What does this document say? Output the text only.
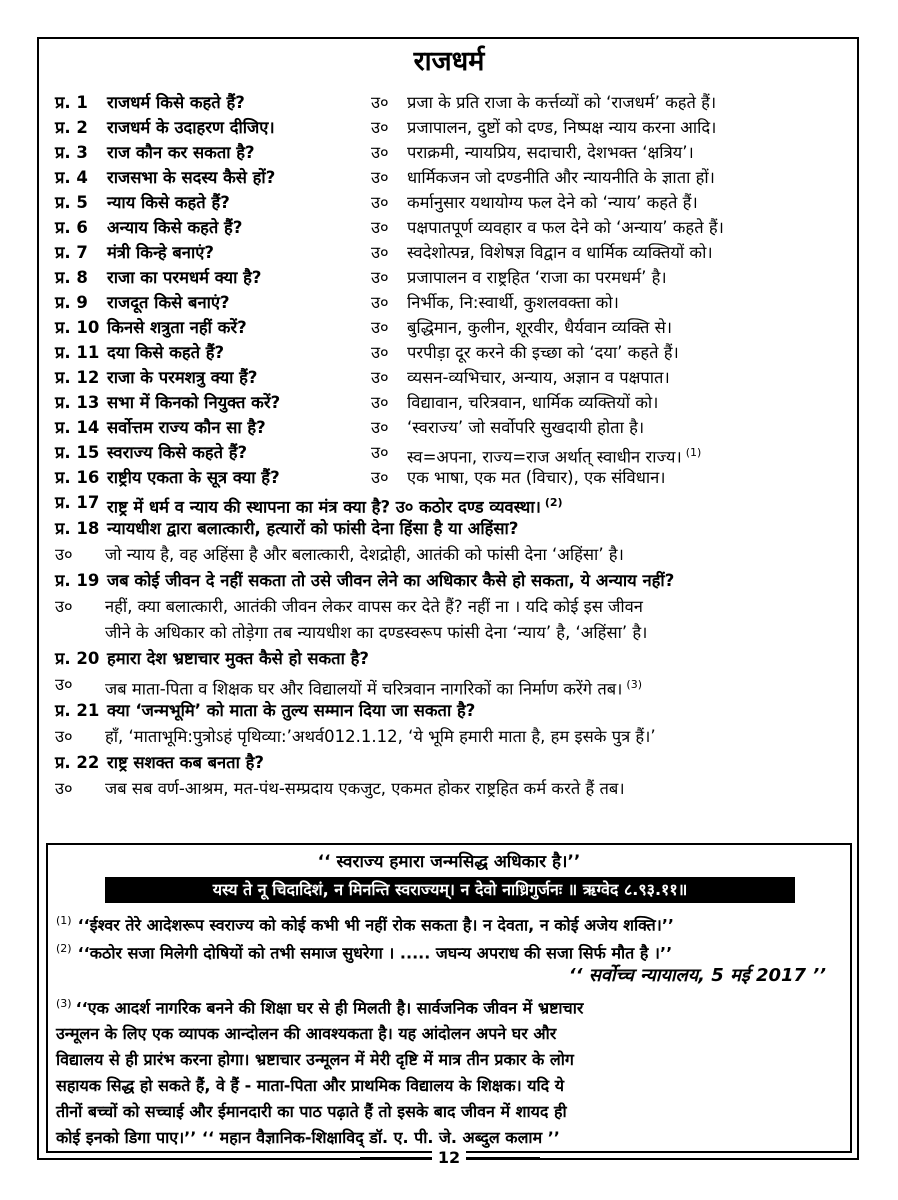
राजधर्म
प्र. 1	राजधर्म किसे कहते हैं?	उ०	प्रजा के प्रति राजा के कर्त्तव्यों को ‘राजधर्म’ कहते हैं।
प्र. 2	राजधर्म के उदाहरण दीजिए।	उ०	प्रजापालन, दुष्टों को दण्ड, निष्पक्ष न्याय करना आदि।
प्र. 3	राज कौन कर सकता है?	उ०	पराक्रमी, न्यायप्रिय, सदाचारी, देशभक्त ‘क्षत्रिय’।
प्र. 4	राजसभा के सदस्य कैसे हों?	उ०	धार्मिकजन जो दण्डनीति और न्यायनीति के ज्ञाता हों।
प्र. 5	न्याय किसे कहते हैं?	उ०	कर्मानुसार यथायोग्य फल देने को ‘न्याय’ कहते हैं।
प्र. 6	अन्याय किसे कहते हैं?	उ०	पक्षपातपूर्ण व्यवहार व फल देने को ‘अन्याय’ कहते हैं।
प्र. 7	मंत्री किन्हे बनाएं?	उ०	स्वदेशोत्पन्न, विशेषज्ञ विद्वान व धार्मिक व्यक्तियों को।
प्र. 8	राजा का परमधर्म क्या है?	उ०	प्रजापालन व राष्ट्रहित ‘राजा का परमधर्म’ है।
प्र. 9	राजदूत किसे बनाएं?	उ०	निर्भीक, नि:स्वार्थी, कुशलवक्ता को।
प्र. 10 किनसे शत्रुता नहीं करें?	उ०	बुद्धिमान, कुलीन, शूरवीर, धैर्यवान व्यक्ति से।
प्र. 11 दया किसे कहते हैं?	उ०	परपीड़ा दूर करने की इच्छा को ‘दया’ कहते हैं।
प्र. 12 राजा के परमशत्रु क्या हैं?	उ०	व्यसन-व्यभिचार, अन्याय, अज्ञान व पक्षपात।
प्र. 13 सभा में किनको नियुक्त करें?	उ०	विद्यावान, चरित्रवान, धार्मिक व्यक्तियों को।
प्र. 14 सर्वोत्तम राज्य कौन सा है?	उ०	‘स्वराज्य’ जो सर्वोपरि सुखदायी होता है।
प्र. 15 स्वराज्य किसे कहते हैं?	उ०	स्व=अपना, राज्य=राज अर्थात् स्वाधीन राज्य। $^{(1)}$
प्र. 16 राष्ट्रीय एकता के सूत्र क्या हैं?	उ०	एक भाषा, एक मत (विचार), एक संविधान।
प्र. 17 राष्ट्र में धर्म व न्याय की स्थापना का मंत्र क्या है? उ० कठोर दण्ड व्यवस्था। $^{(2)}$
प्र. 18 न्यायधीश द्वारा बलात्कारी, हत्यारों को फांसी देना हिंसा है या अहिंसा?
उ०	जो न्याय है, वह अहिंसा है और बलात्कारी, देशद्रोही, आतंकी को फांसी देना ‘अहिंसा’ है।
प्र. 19 जब कोई जीवन दे नहीं सकता तो उसे जीवन लेने का अधिकार कैसे हो सकता, ये अन्याय नहीं?
उ०	नहीं, क्या बलात्कारी, आतंकी जीवन लेकर वापस कर देते हैं? नहीं ना । यदि कोई इस जीवन
जीने के अधिकार को तोड़ेगा तब न्यायधीश का दण्डस्वरूप फांसी देना ‘न्याय’ है, ‘अहिंसा’ है।
प्र. 20 हमारा देश भ्रष्टाचार मुक्त कैसे हो सकता है?
उ०	जब माता-पिता व शिक्षक घर और विद्यालयों में चरित्रवान नागरिकों का निर्माण करेंगे तब। $^{(3)}$
प्र. 21 क्या ‘जन्मभूमि’ को माता के तुल्य सम्मान दिया जा सकता है?
उ०	हाँ, ‘माताभूमि:पुत्रोऽहं पृथिव्या:’अथर्व012.1.12, ‘ये भूमि हमारी माता है, हम इसके पुत्र हैं।’
प्र. 22 राष्ट्र सशक्त कब बनता है?
उ०	जब सब वर्ण-आश्रम, मत-पंथ-सम्प्रदाय एकजुट, एकमत होकर राष्ट्रहित कर्म करते हैं तब।
‘‘ स्वराज्य हमारा जन्मसिद्ध अधिकार है।’’
यस्य ते नू चिदादिशं, न मिनन्ति स्वराज्यम्। न देवो नाध्रिगुर्जनः ॥ ऋग्वेद ८.९३.११॥
$^{(1)}$ ‘‘ईश्वर तेरे आदेशरूप स्वराज्य को कोई कभी भी नहीं रोक सकता है। न देवता, न कोई अजेय शक्ति।’’
$^{(2)}$ ‘‘कठोर सजा मिलेगी दोषियों को तभी समाज सुधरेगा । ..... जघन्य अपराध की सजा सिर्फ मौत है ।’’
‘‘ सर्वोच्च न्यायालय, 5 मई 2017 ’’
$^{(3)}$ ‘‘एक आदर्श नागरिक बनने की शिक्षा घर से ही मिलती है। सार्वजनिक जीवन में भ्रष्टाचार
उन्मूलन के लिए एक व्यापक आन्दोलन की आवश्यकता है। यह आंदोलन अपने घर और
विद्यालय से ही प्रारंभ करना होगा। भ्रष्टाचार उन्मूलन में मेरी दृष्टि में मात्र तीन प्रकार के लोग
सहायक सिद्ध हो सकते हैं, वे हैं - माता-पिता और प्राथमिक विद्यालय के शिक्षक। यदि ये
तीनों बच्चों को सच्चाई और ईमानदारी का पाठ पढ़ाते हैं तो इसके बाद जीवन में शायद ही
कोई इनको डिगा पाए।’’ ‘‘ महान वैज्ञानिक-शिक्षाविद् डॉ. ए. पी. जे. अब्दुल कलाम ’’
12
